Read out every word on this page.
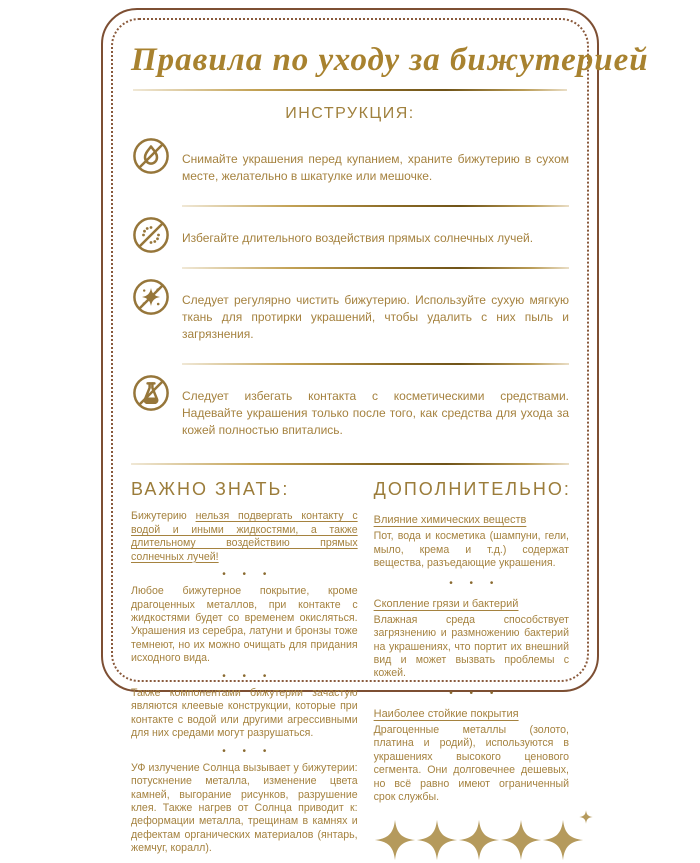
Правила по уходу за бижутерией
ИНСТРУКЦИЯ:

Снимайте украшения перед купанием, храните бижутерию в сухом месте, желательно в шкатулке или мешочке.

Избегайте длительного воздействия прямых солнечных лучей.

Следует регулярно чистить бижутерию. Используйте сухую мягкую ткань для протирки украшений, чтобы удалить с них пыль и загрязнения.

Следует избегать контакта с косметическими средствами. Надевайте украшения только после того, как средства для ухода за кожей полностью впитались.

ВАЖНО ЗНАТЬ:

Бижутерию нельзя подвергать контакту с водой и иными жидкостями, а также длительному воздействию прямых солнечных лучей!

• • •

Любое бижутерное покрытие, кроме драгоценных металлов, при контакте с жидкостями будет со временем окисляться. Украшения из серебра, латуни и бронзы тоже темнеют, но их можно очищать для придания исходного вида.

• • •

Также компонентами бижутерии зачастую являются клеевые конструкции, которые при контакте с водой или другими агрессивными для них средами могут разрушаться.

• • •

УФ излучение Солнца вызывает у бижутерии: потускнение металла, изменение цвета камней, выгорание рисунков, разрушение клея. Также нагрев от Солнца приводит к: деформации металла, трещинам в камнях и дефектам органических материалов (янтарь, жемчуг, коралл).

ДОПОЛНИТЕЛЬНО:
Влияние химических веществ

Пот, вода и косметика (шампуни, гели, мыло, крема и т.д.) содержат вещества, разъедающие украшения.

• • •
Скопление грязи и бактерий

Влажная среда способствует загрязнению и размножению бактерий на украшениях, что портит их внешний вид и может вызвать проблемы с кожей.

• • •
Наиболее стойкие покрытия

Драгоценные металлы (золото, платина и родий), используются в украшениях высокого ценового сегмента. Они долговечнее дешевых, но всё равно имеют ограниченный срок службы.
